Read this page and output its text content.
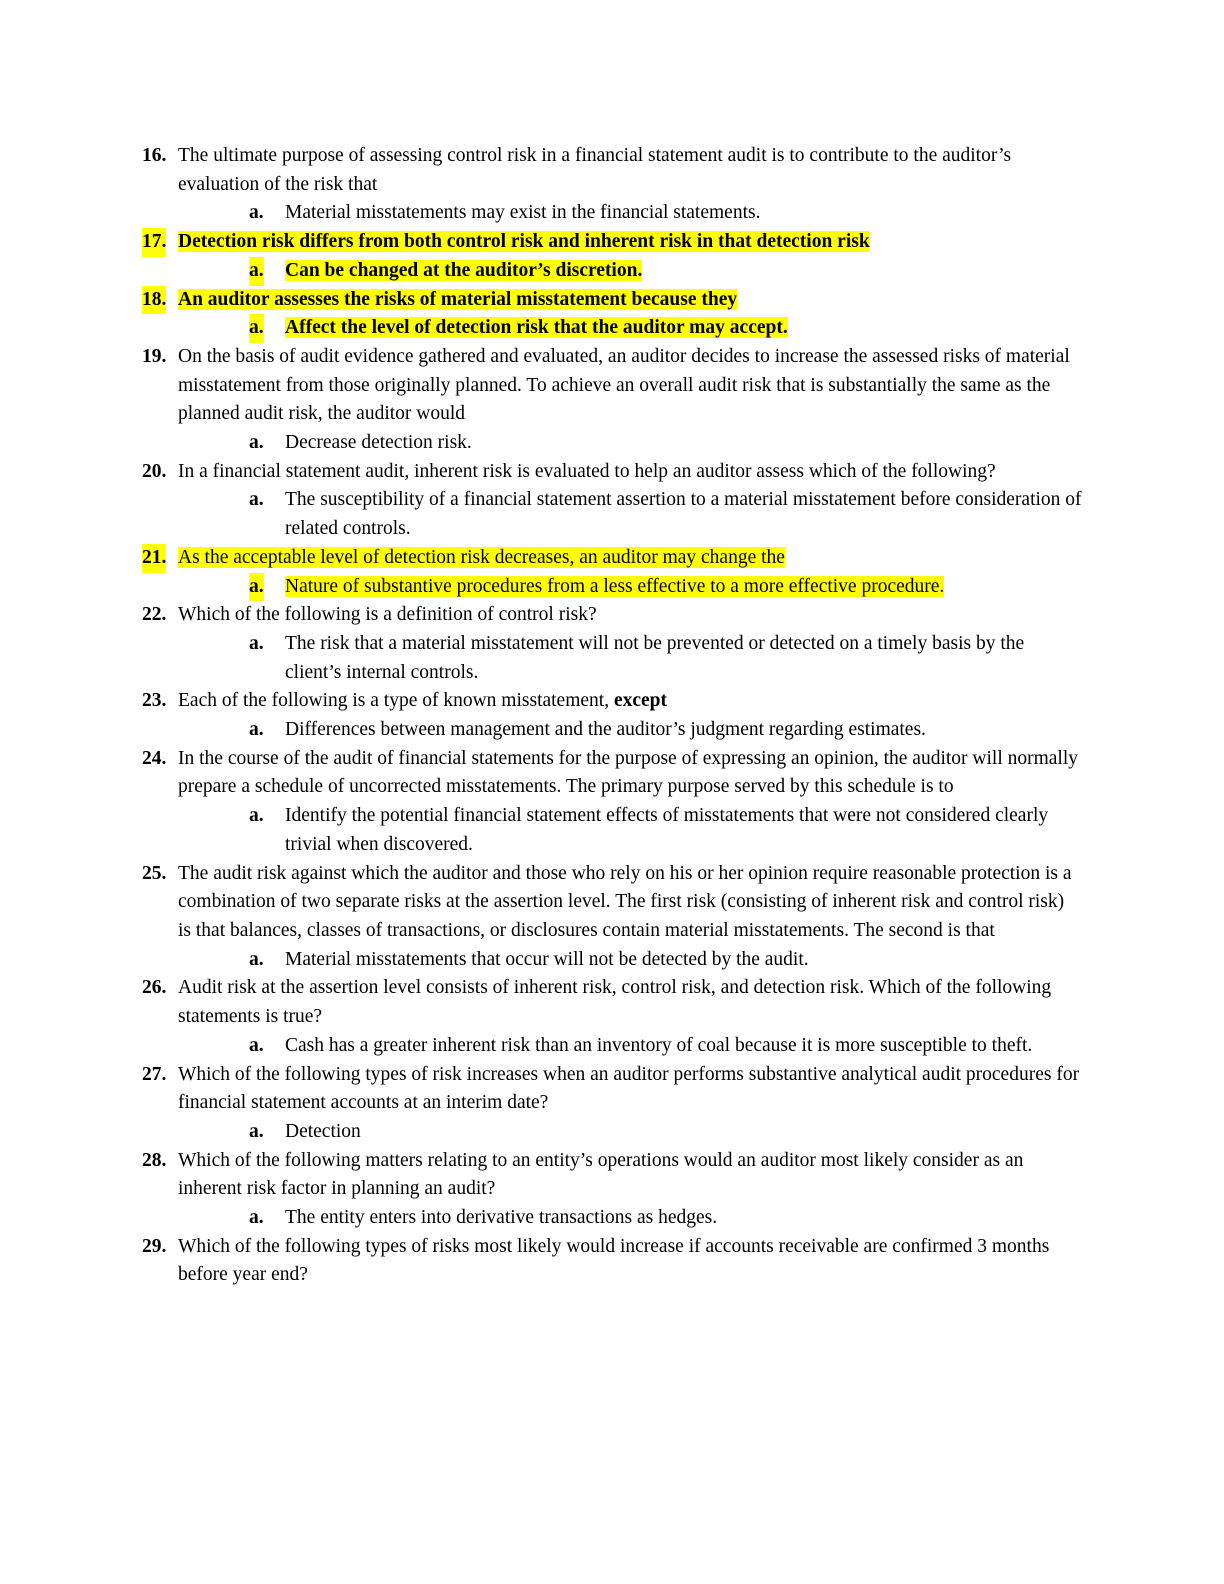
16. The ultimate purpose of assessing control risk in a financial statement audit is to contribute to the auditor’s evaluation of the risk that
a. Material misstatements may exist in the financial statements.
17. Detection risk differs from both control risk and inherent risk in that detection risk
a. Can be changed at the auditor’s discretion.
18. An auditor assesses the risks of material misstatement because they
a. Affect the level of detection risk that the auditor may accept.
19. On the basis of audit evidence gathered and evaluated, an auditor decides to increase the assessed risks of material misstatement from those originally planned. To achieve an overall audit risk that is substantially the same as the planned audit risk, the auditor would
a. Decrease detection risk.
20. In a financial statement audit, inherent risk is evaluated to help an auditor assess which of the following?
a. The susceptibility of a financial statement assertion to a material misstatement before consideration of related controls.
21. As the acceptable level of detection risk decreases, an auditor may change the
a. Nature of substantive procedures from a less effective to a more effective procedure.
22. Which of the following is a definition of control risk?
a. The risk that a material misstatement will not be prevented or detected on a timely basis by the client’s internal controls.
23. Each of the following is a type of known misstatement, except
a. Differences between management and the auditor’s judgment regarding estimates.
24. In the course of the audit of financial statements for the purpose of expressing an opinion, the auditor will normally prepare a schedule of uncorrected misstatements. The primary purpose served by this schedule is to
a. Identify the potential financial statement effects of misstatements that were not considered clearly trivial when discovered.
25. The audit risk against which the auditor and those who rely on his or her opinion require reasonable protection is a combination of two separate risks at the assertion level. The first risk (consisting of inherent risk and control risk) is that balances, classes of transactions, or disclosures contain material misstatements. The second is that
a. Material misstatements that occur will not be detected by the audit.
26. Audit risk at the assertion level consists of inherent risk, control risk, and detection risk. Which of the following statements is true?
a. Cash has a greater inherent risk than an inventory of coal because it is more susceptible to theft.
27. Which of the following types of risk increases when an auditor performs substantive analytical audit procedures for financial statement accounts at an interim date?
a. Detection
28. Which of the following matters relating to an entity’s operations would an auditor most likely consider as an inherent risk factor in planning an audit?
a. The entity enters into derivative transactions as hedges.
29. Which of the following types of risks most likely would increase if accounts receivable are confirmed 3 months before year end?
